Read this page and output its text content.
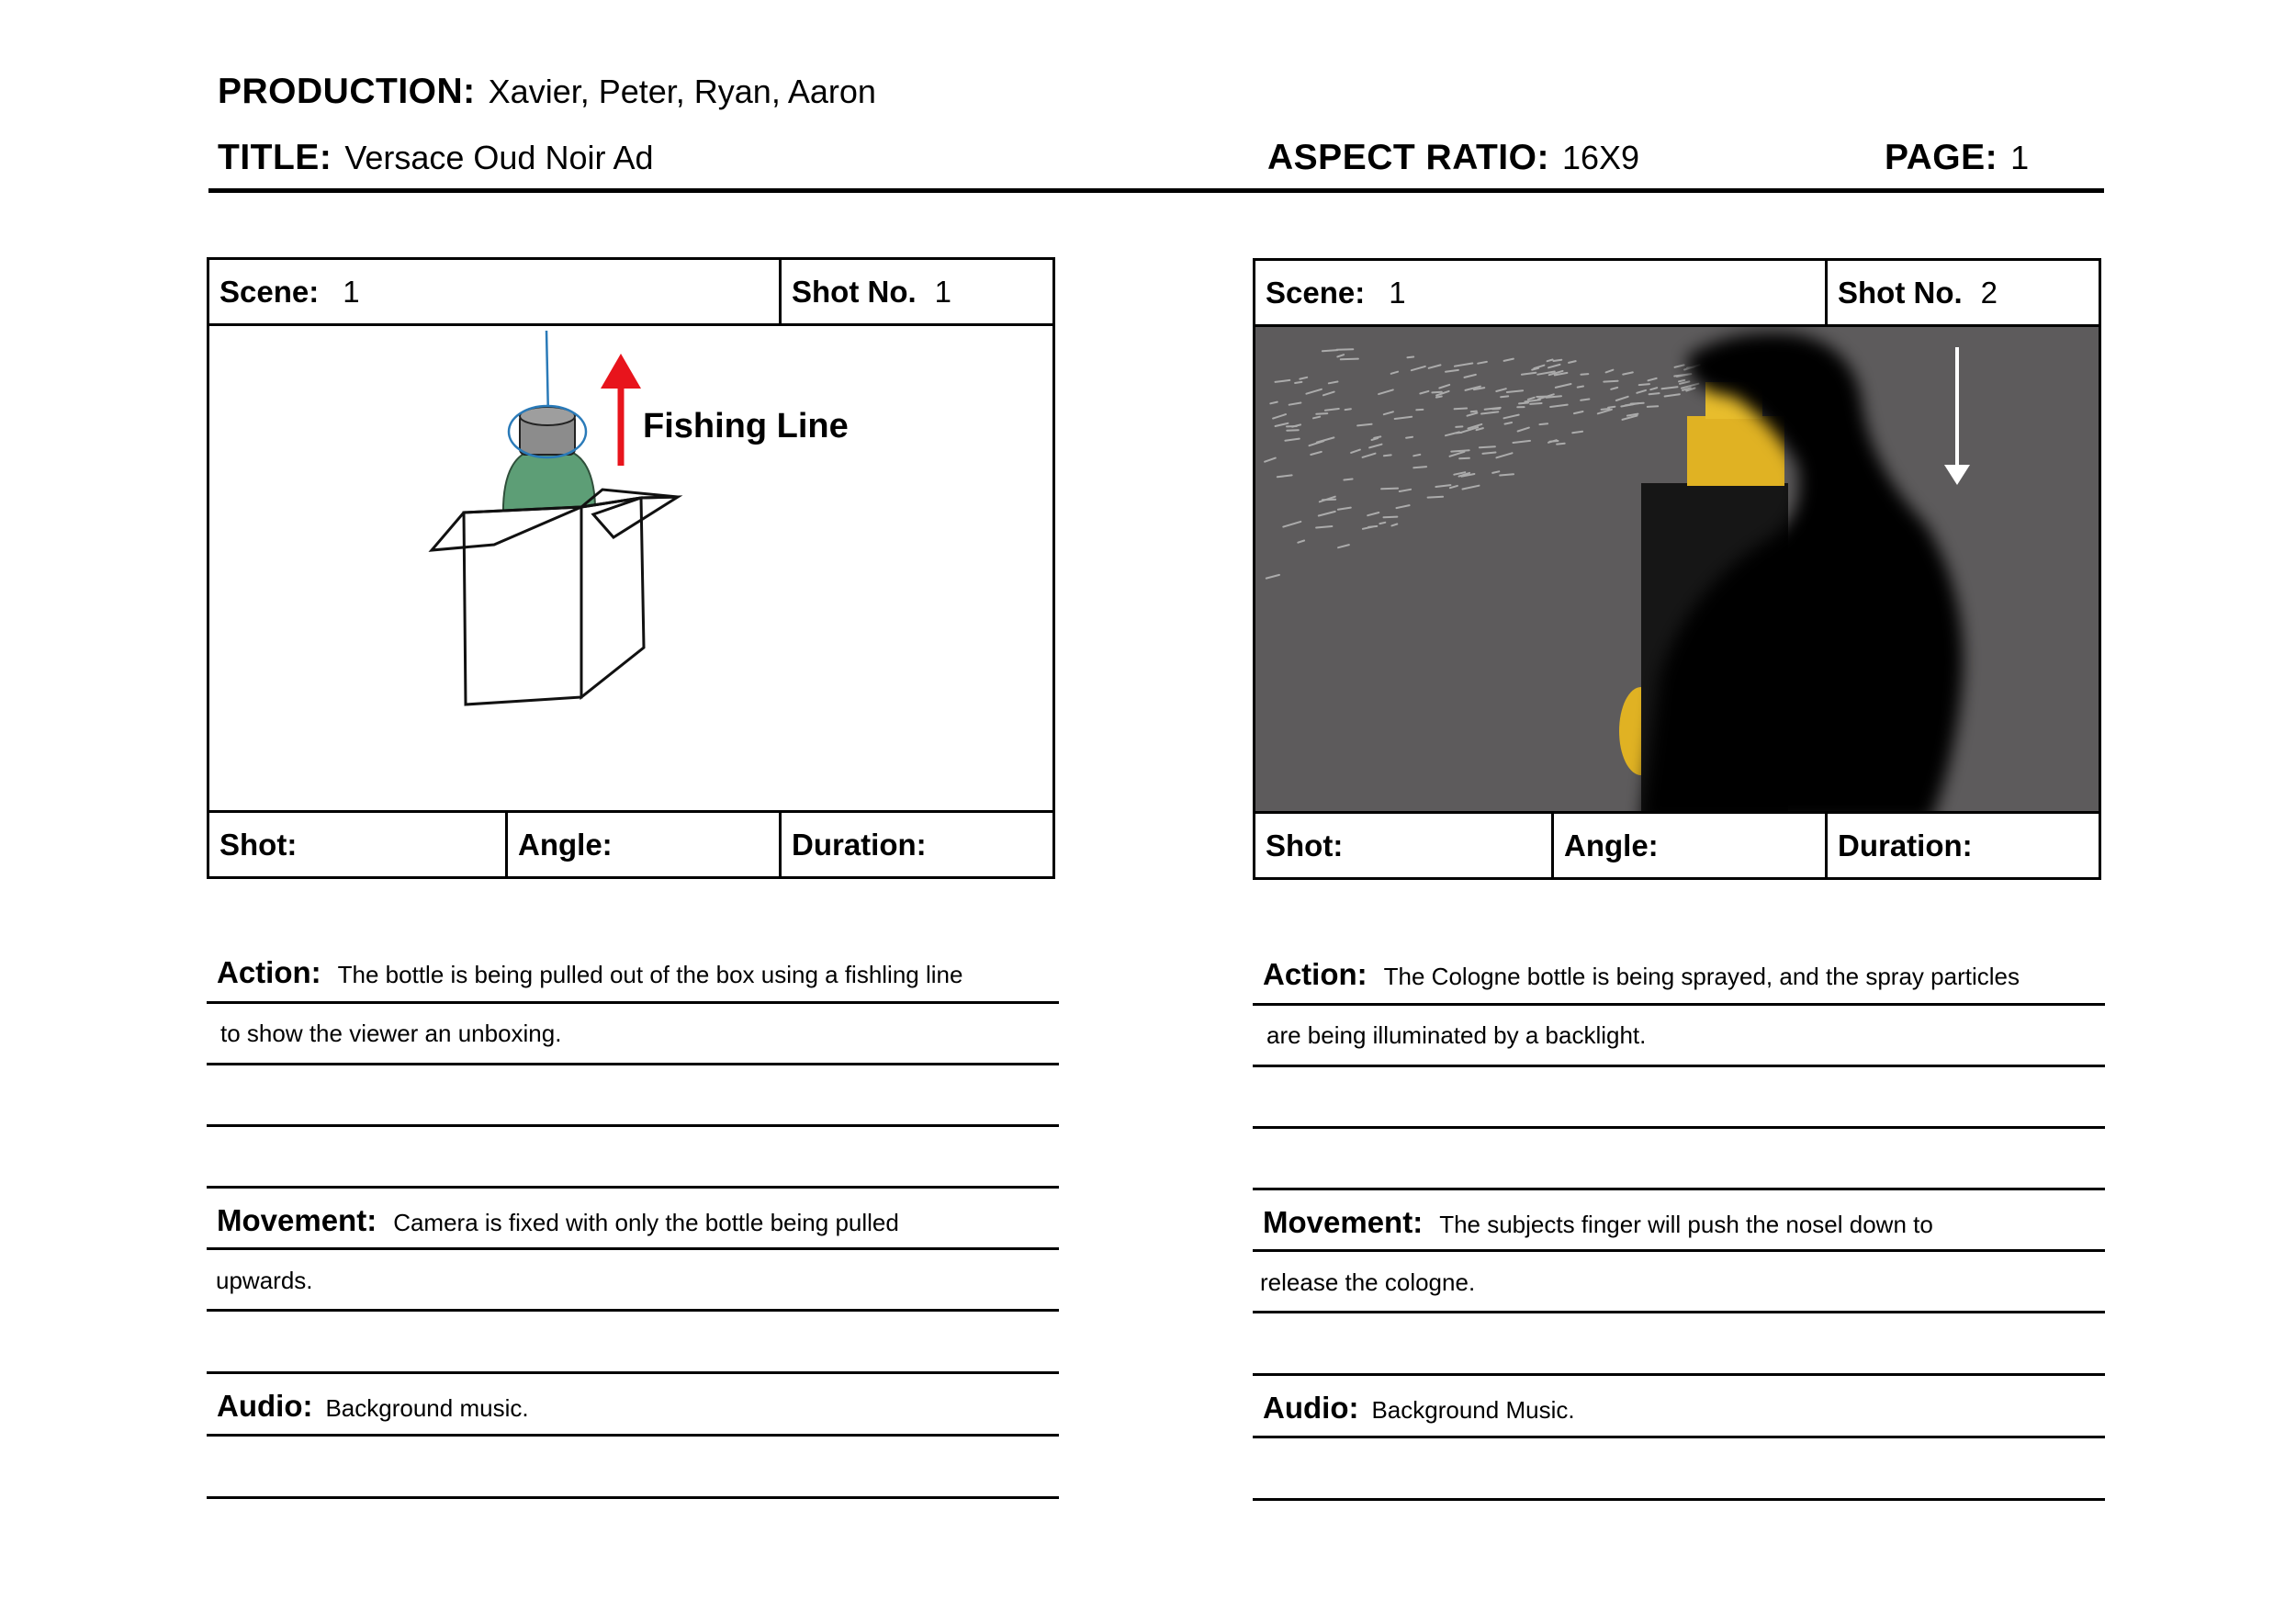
PRODUCTION: Xavier, Peter, Ryan, Aaron
TITLE: Versace Oud Noir Ad	ASPECT RATIO: 16X9	PAGE: 1
Scene: 1	Shot No. 1
Fishing Line
Shot:	Angle:	Duration:
Scene: 1	Shot No. 2
Shot:	Angle:	Duration:
Action: The bottle is being pulled out of the box using a fishling line
to show the viewer an unboxing.
Movement: Camera is fixed with only the bottle being pulled
upwards.
Audio: Background music.
Action: The Cologne bottle is being sprayed, and the spray particles
are being illuminated by a backlight.
Movement: The subjects finger will push the nosel down to
release the cologne.
Audio: Background Music.
